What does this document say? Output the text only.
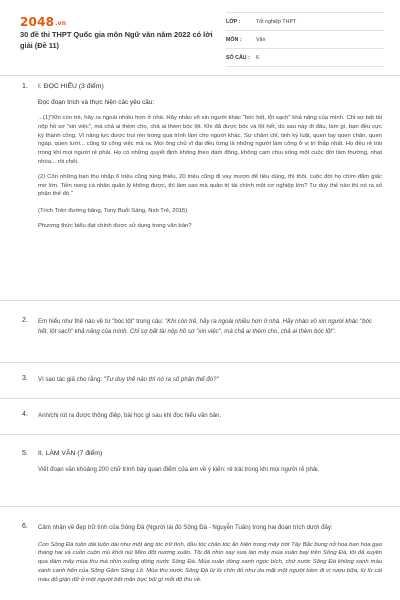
2048.vn
30 đề thi THPT Quốc gia môn Ngữ văn năm 2022 có lời giải (Đề 11)
LỚP :	Tốt nghiệp THPT
MÔN :	Văn
SỐ CÂU :	6
1. I. ĐỌC HIỂU (3 điểm)
Đọc đoạn trích và thực hiện các yêu cầu:
...(1)"Khi còn trẻ, hãy ra ngoài nhiều hơn ở nhà. Hãy nhào vô xin người khác "bóc hết, lột sạch" khả năng của mình. Chỉ sợ bất tài nộp hồ sơ "xin việc", mà chả ai thèm cho, chả ai thèm bóc lột. Khi đã được bóc và lột hết, dù sau này đi đâu, làm gì, bạn đều cực kỳ thành công. Vì năng lực được trui rèn trong quá trình làm cho người khác. Sự chăm chỉ, tinh kỷ luật, quen tay quen chân, quen ngáp, quen lười... cũng từ công việc mà ra. Mọi ông chủ vĩ đại đều từng là những người làm công ở vị trí thấp nhất. Họ đều rẻ trải trong khi mọi người rẻ phải. Họ có những quyết định không theo đám đông, không cam chịu sống một cuộc đời tầm thường, nhạt nhòa... rồi chết.
(2) Còn những bạn thu nhập 6 triệu cũng túng thiếu, 20 triệu cũng đi vay mượn để tiêu dùng, thì thôi, cuộc đời họ chìm đắm giấc mơ lớn. Tiền nong cá nhân quản lý không được, thì làm sao mà quản trị tài chính một cơ nghiệp lớn? Tư duy thế nào thì nó ra số phận thế đó."
(Trích Trên đường băng, Tony Buổi Sáng, Nxb Trẻ, 2015)
Phương thức biểu đạt chính được sử dụng trong văn bản?
2. Em hiểu như thế nào về từ "bóc lột" trong câu: "Khi còn trẻ, hãy ra ngoài nhiều hơn ở nhà. Hãy nhào vô xin người khác "bóc hết, lột sạch" khả năng của mình. Chỉ sợ bất tài nộp hồ sơ "xin việc", mà chả ai thèm cho, chả ai thèm bóc lột".
3. Vì sao tác giả cho rằng: "Tư duy thế nào thì nó ra số phận thế đó?"
4. Anh/chị rút ra được thông điệp, bài học gì sau khi đọc hiểu văn bản.
5. II. LÀM VĂN (7 điểm)
Viết đoạn văn khoảng 200 chữ trình bày quan điểm của em về ý kiến: rẻ trái trong khi mọi người rẽ phải.
6. Cảm nhận về đẹp trữ tình của Sông Đà (Người lái đò Sông Đà - Nguyễn Tuân) trong hai đoạn trích dưới đây:
Con Sông Đà tuôn dài tuôn dài như một áng tóc trữ tình, đầu tóc chân tóc ẩn hiện trong mây trời Tây Bắc bung nở hoa ban hoa gạo tháng hai và cuồn cuộn mù khói núi Mèo đốt nương xuân. Tôi đã nhìn say sưa làn mây mùa xuân bay trên Sông Đà, tôi đã xuyên qua đám mây mùa thu mà nhìn xuống dòng nước Sông Đà. Mùa xuân dòng xanh ngọc bích, chứ nước Sông Đà không xanh màu xanh canh hến của Sông Gâm Sông Lô. Mùa thu nước Sông Đà lừ lừ chín đỏ như da mặt một người bầm đi vì rượu bữa, lừ lừ cái màu đỏ giận dữ ở một người bất mãn bực bội gì mỗi độ thu về.
